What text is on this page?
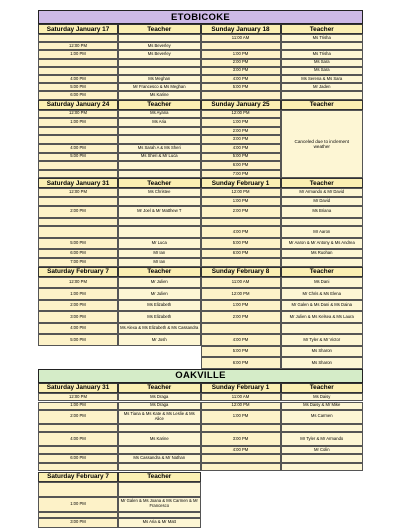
ETOBICOKE
Saturday January 17	Teacher
12:00 PM	Ms Beverley
1:00 PM	Ms Beverley
4:00 PM	Ms Meghan
5:00 PM	Mr Francesco & Ms Meghan
6:00 PM	Ms Karine
Sunday January 18	Teacher
11:00 AM	Ms Trisha
1:00 PM	Ms Trisha
2:00 PM	Ms Sara
3:00 PM	Ms Sara
4:00 PM	Ms Serena & Ms Sara
5:00 PM	Mr Jaden
Saturday January 24	Teacher
12:00 PM	Ms Ayana
1:00 PM	Ms Aria
4:00 PM	Ms Sarah A & Ms Sheri
5:00 PM	Ms Sheri & Mr Luca
Sunday January 25	Teacher
12:00 PM
1:00 PM
2:00 PM
3:00 PM
4:00 PM
5:00 PM
6:00 PM
7:00 PM
Canceled due to inclement weather
Saturday January 31	Teacher
12:00 PM	Ms Christee
2:00 PM	Mr Joel & Mr Matthew T
5:00 PM	Mr Luca
6:00 PM	Mr Ian
7:00 PM	Mr Ian
Sunday February 1	Teacher
12:00 PM	Mr Armando & Mr David
1:00 PM	Mr David
2:00 PM	Ms Briana
4:00 PM	Mr Aaron
5:00 PM	Mr Aaron & Mr Antony & Ms Andrea
6:00 PM	Ms Ruohan
Saturday February 7	Teacher
12:00 PM	Mr Julien
1:00 PM	Mr Julien
2:00 PM	Ms Elizabeth
3:00 PM	Ms Elizabeth
4:00 PM	Ms Alexa & Ms Elizabeth & Ms Cassandra
5:00 PM	Mr Josh
Sunday February 8	Teacher
11:00 AM	Ms Dani
12:00 PM	Mr Chris & Ms Elena
1:00 PM	Mr Galen & Ms Dani & Ms Daina
2:00 PM	Mr Julien & Ms Kelsea & Ms Laura
4:00 PM	Mr Tyler & Mr Victor
5:00 PM	Ms Sharon
6:00 PM	Ms Sharon
OAKVILLE
Saturday January 31	Teacher
12:00 PM	Ms Draga
1:00 PM	Ms Draga
2:00 PM	Ms Tiana & Ms Kate & Ms Leslie & Ms Alice
4:00 PM	Ms Karine
6:00 PM	Ms Cassandra & Mr Nathan
Sunday February 1	Teacher
11:00 AM	Ms Daisy
12:00 PM	Ms Daisy & Mr Mike
1:00 PM	Ms Carmen
3:00 PM	Mr Tyler & Mr Armando
4:00 PM	Mr Colin
Saturday February 7	Teacher
1:00 PM	Mr Galen & Ms Joana & Ms Carmen & Mr Francesco
3:00 PM	Ms Aria & Mr Matt
